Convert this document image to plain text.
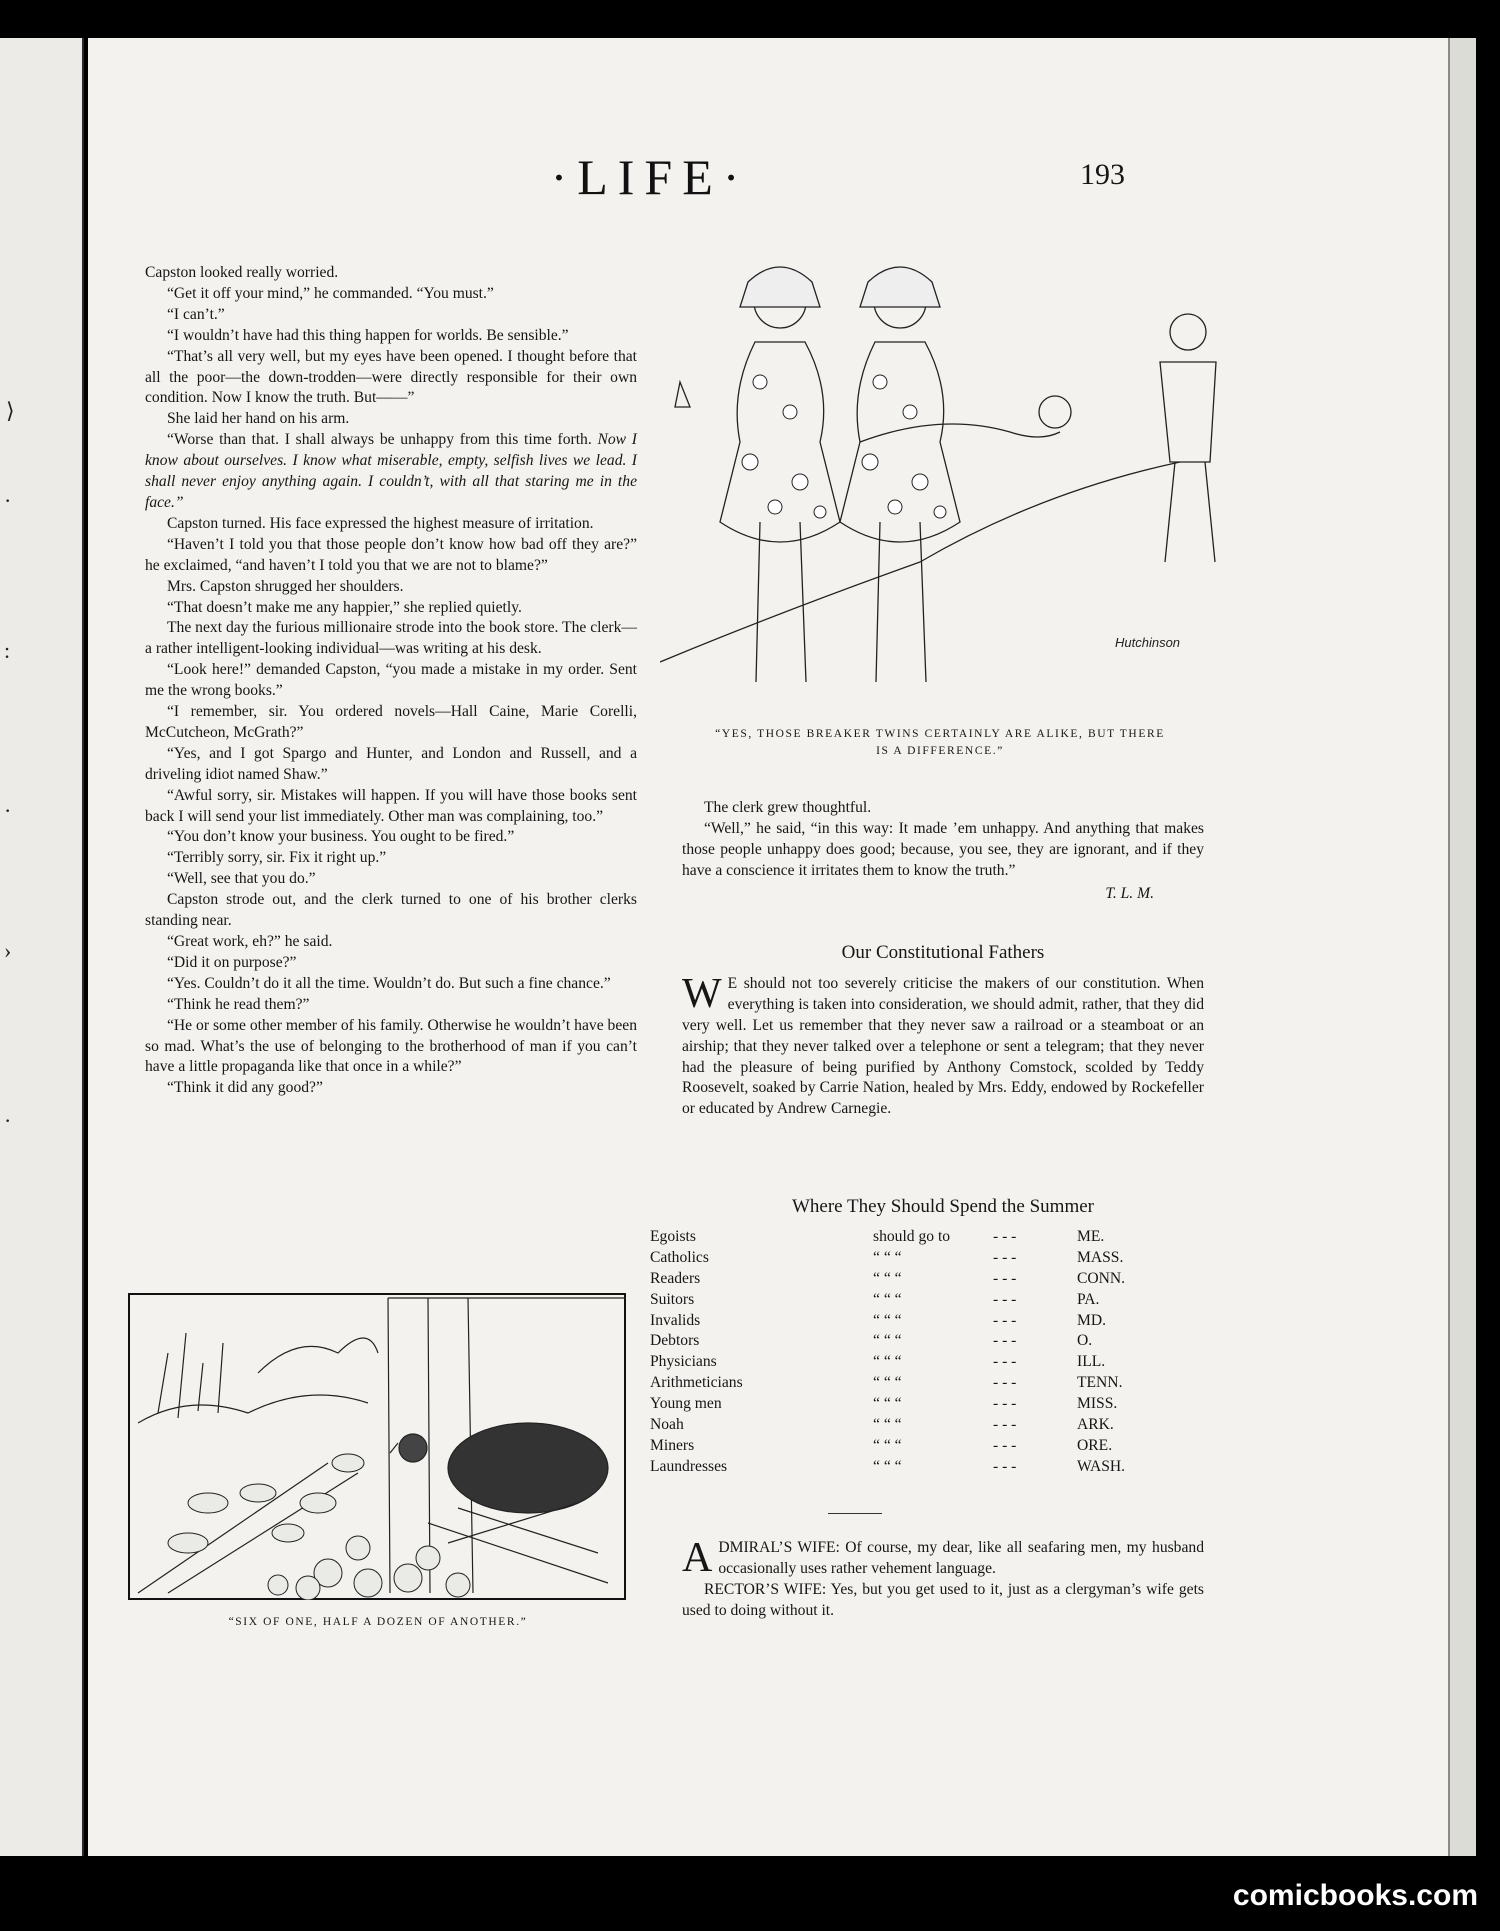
⟩
·
:
·
›
·
·LIFE·	193

Capston looked really worried.

“Get it off your mind,” he commanded. “You must.”

“I can’t.”

“I wouldn’t have had this thing happen for worlds. Be sensible.”

“That’s all very well, but my eyes have been opened. I thought before that all the poor—the down-trodden—were directly responsible for their own condition. Now I know the truth. But——”

She laid her hand on his arm.

“Worse than that. I shall always be unhappy from this time forth. Now I know about ourselves. I know what miserable, empty, selfish lives we lead. I shall never enjoy anything again. I couldn’t, with all that staring me in the face.”

Capston turned. His face expressed the highest measure of irritation.

“Haven’t I told you that those people don’t know how bad off they are?” he exclaimed, “and haven’t I told you that we are not to blame?”

Mrs. Capston shrugged her shoulders.

“That doesn’t make me any happier,” she replied quietly.

The next day the furious millionaire strode into the book store. The clerk—a rather intelligent-looking individual—was writing at his desk.

“Look here!” demanded Capston, “you made a mistake in my order. Sent me the wrong books.”

“I remember, sir. You ordered novels—Hall Caine, Marie Corelli, McCutcheon, McGrath?”

“Yes, and I got Spargo and Hunter, and London and Russell, and a driveling idiot named Shaw.”

“Awful sorry, sir. Mistakes will happen. If you will have those books sent back I will send your list immediately. Other man was complaining, too.”

“You don’t know your business. You ought to be fired.”

“Terribly sorry, sir. Fix it right up.”

“Well, see that you do.”

Capston strode out, and the clerk turned to one of his brother clerks standing near.

“Great work, eh?” he said.

“Did it on purpose?”

“Yes. Couldn’t do it all the time. Wouldn’t do. But such a fine chance.”

“Think he read them?”

“He or some other member of his family. Otherwise he wouldn’t have been so mad. What’s the use of belonging to the brotherhood of man if you can’t have a little propaganda like that once in a while?”

“Think it did any good?”

“SIX OF ONE, HALF A DOZEN OF ANOTHER.”
Hutchinson
“YES, THOSE BREAKER TWINS CERTAINLY ARE ALIKE, BUT THERE
IS A DIFFERENCE.”

The clerk grew thoughtful.

“Well,” he said, “in this way: It made ’em unhappy. And anything that makes those people unhappy does good; because, you see, they are ignorant, and if they have a conscience it irritates them to know the truth.”

T. L. M.

Our Constitutional Fathers

W E should not too severely criticise the makers of our constitution. When everything is taken into consideration, we should admit, rather, that they did very well. Let us remember that they never saw a railroad or a steamboat or an airship; that they never talked over a telephone or sent a telegram; that they never had the pleasure of being purified by Anthony Comstock, scolded by Teddy Roosevelt, soaked by Carrie Nation, healed by Mrs. Eddy, endowed by Rockefeller or educated by Andrew Carnegie.

Where They Should Spend the Summer

Egoists	should go to	- - -	ME.
Catholics	“ “ “	- - -	MASS.
Readers	“ “ “	- - -	CONN.
Suitors	“ “ “	- - -	PA.
Invalids	“ “ “	- - -	MD.
Debtors	“ “ “	- - -	O.
Physicians	“ “ “	- - -	ILL.
Arithmeticians	“ “ “	- - -	TENN.
Young men	“ “ “	- - -	MISS.
Noah	“ “ “	- - -	ARK.
Miners	“ “ “	- - -	ORE.
Laundresses	“ “ “	- - -	WASH.

ADMIRAL’S WIFE: Of course, my dear, like all seafaring men, my husband occasionally uses rather vehement language.

RECTOR’S WIFE: Yes, but you get used to it, just as a clergyman’s wife gets used to doing without it.

comicbooks.com
